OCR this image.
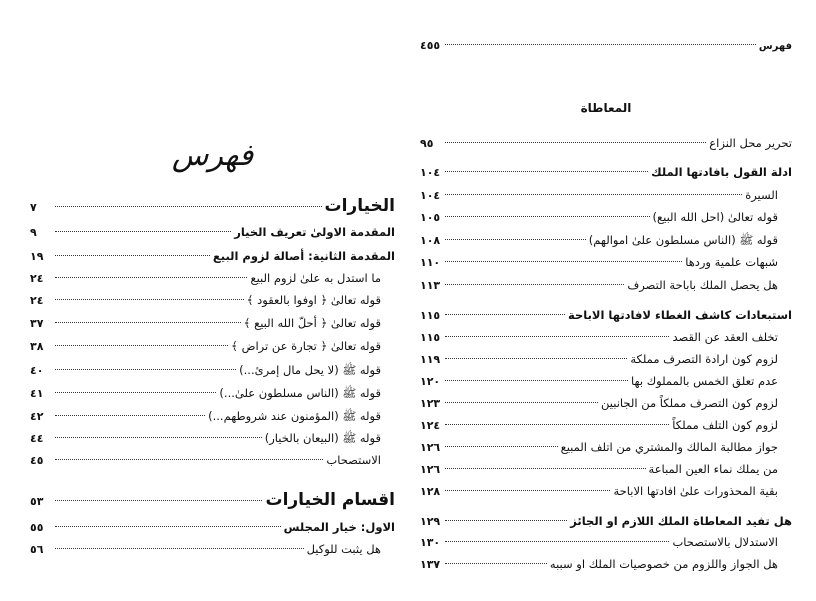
فهرس
٤٥٥
المعاطاة
تحرير محل النزاع
٩٥
ادلة القول بافادتها الملك
١٠٤
السيرة
١٠٤
قوله تعالىٰ (احل الله البيع)
١٠٥
قوله ﷺ (الناس مسلطون علىٰ اموالهم)
١٠٨
شبهات علمية وردها
١١٠
هل يحصل الملك باباحة التصرف
١١٣
استبعادات كاشف الغطاء لافادتها الاباحة
١١٥
تخلف العقد عن القصد
١١٥
لزوم كون ارادة التصرف مملكة
١١٩
عدم تعلق الخمس بالمملوك بها
١٢٠
لزوم كون التصرف مملكاً من الجانبين
١٢٣
لزوم كون التلف مملكاً
١٢٤
جواز مطالبة المالك والمشتري من اتلف المبيع
١٢٦
من يملك نماء العين المباعة
١٢٦
بقية المحذورات علىٰ افادتها الاباحة
١٢٨
هل تفيد المعاطاة الملك اللازم او الجائز
١٢٩
الاستدلال بالاستصحاب
١٣٠
هل الجواز واللزوم من خصوصيات الملك او سببه
١٣٧
فهرس
الخيارات
٧
المقدمة الاولىٰ تعريف الخيار
٩
المقدمة الثانية: أصالة لزوم البيع
١٩
ما استدل به علىٰ لزوم البيع
٢٤
قوله تعالىٰ ﴿ اوفوا بالعقود ﴾
٢٤
قوله تعالىٰ ﴿ أحلّ الله البيع ﴾
٣٧
قوله تعالىٰ ﴿ تجارة عن تراض ﴾
٣٨
قوله ﷺ (لا يحل مال إمرئ...)
٤٠
قوله ﷺ (الناس مسلطون علىٰ...)
٤١
قوله ﷺ (المؤمنون عند شروطهم...)
٤٢
قوله ﷺ (البيعان بالخيار)
٤٤
الاستصحاب
٤٥
اقسام الخيارات
٥٣
الاول: خيار المجلس
٥٥
هل يثبت للوكيل
٥٦
